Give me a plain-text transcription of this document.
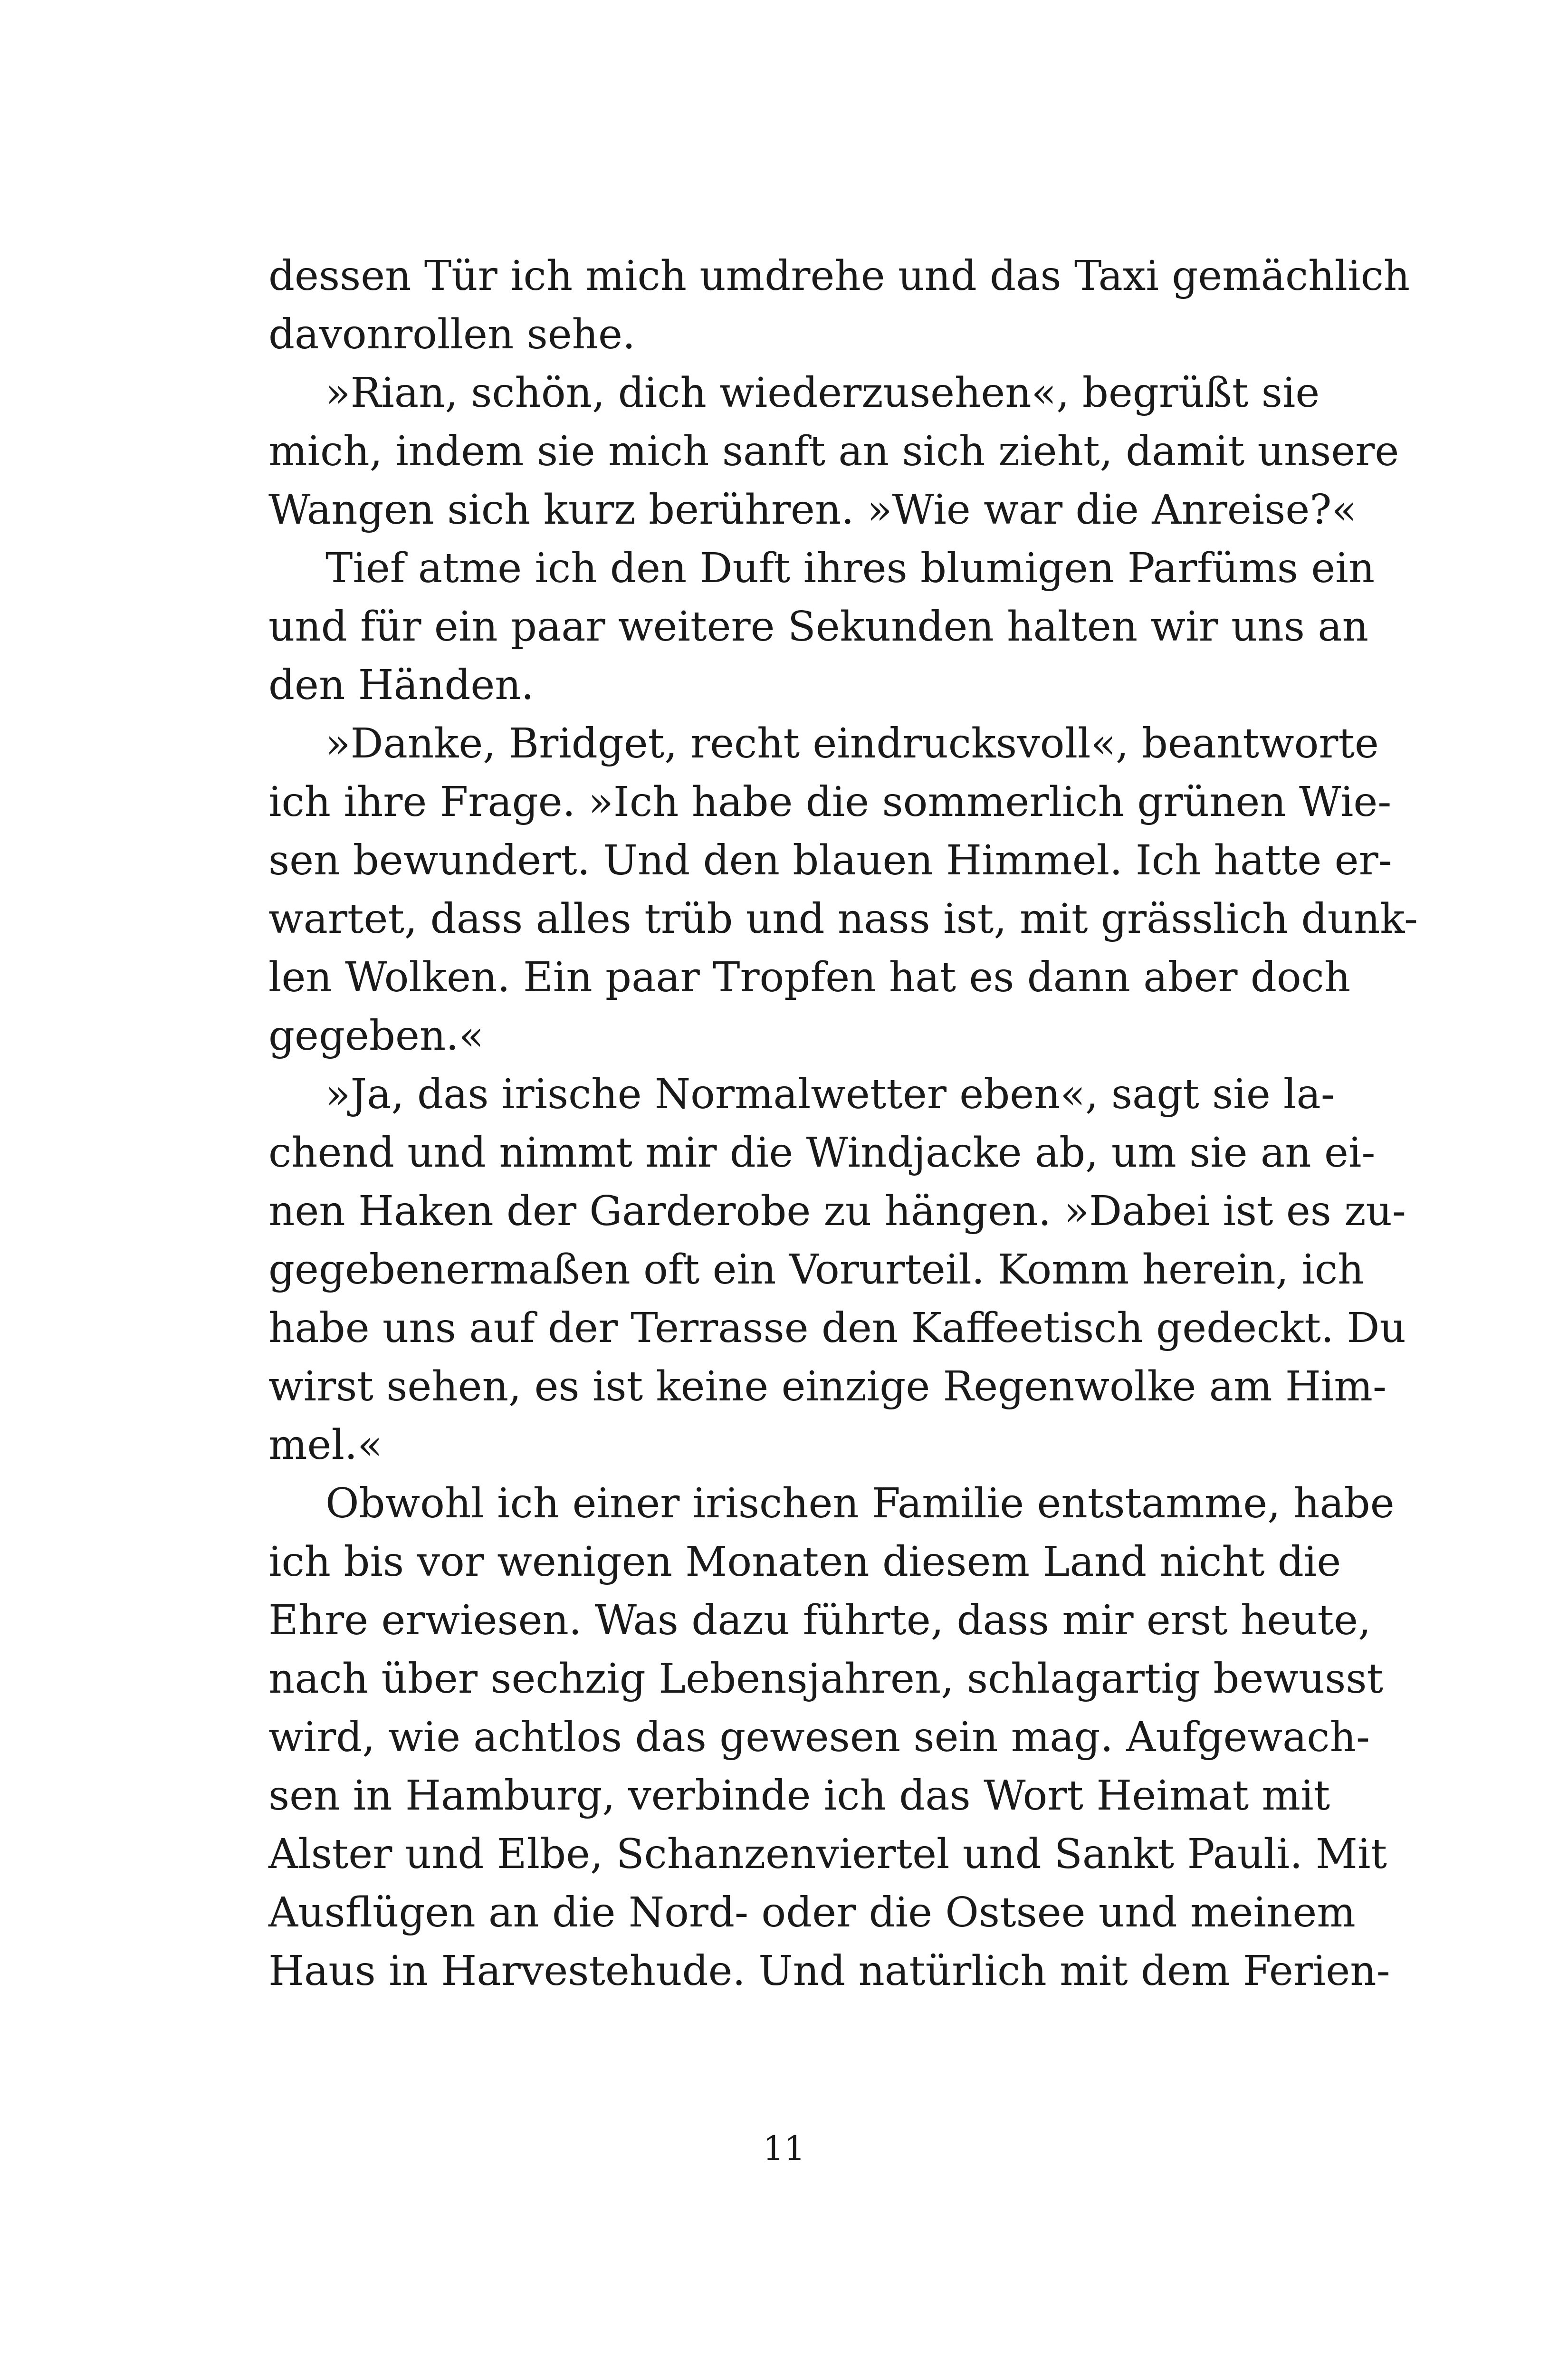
dessen Tür ich mich umdrehe und das Taxi gemächlich
davonrollen sehe.
»Rian, schön, dich wiederzusehen«, begrüßt sie
mich, indem sie mich sanft an sich zieht, damit unsere
Wangen sich kurz berühren. »Wie war die Anreise?«
Tief atme ich den Duft ihres blumigen Parfüms ein
und für ein paar weitere Sekunden halten wir uns an
den Händen.
»Danke, Bridget, recht eindrucksvoll«, beantworte
ich ihre Frage. »Ich habe die sommerlich grünen Wie-
sen bewundert. Und den blauen Himmel. Ich hatte er-
wartet, dass alles trüb und nass ist, mit grässlich dunk-
len Wolken. Ein paar Tropfen hat es dann aber doch
gegeben.«
»Ja, das irische Normalwetter eben«, sagt sie la-
chend und nimmt mir die Windjacke ab, um sie an ei-
nen Haken der Garderobe zu hängen. »Dabei ist es zu-
gegebenermaßen oft ein Vorurteil. Komm herein, ich
habe uns auf der Terrasse den Kaffeetisch gedeckt. Du
wirst sehen, es ist keine einzige Regenwolke am Him-
mel.«
Obwohl ich einer irischen Familie entstamme, habe
ich bis vor wenigen Monaten diesem Land nicht die
Ehre erwiesen. Was dazu führte, dass mir erst heute,
nach über sechzig Lebensjahren, schlagartig bewusst
wird, wie achtlos das gewesen sein mag. Aufgewach-
sen in Hamburg, verbinde ich das Wort Heimat mit
Alster und Elbe, Schanzenviertel und Sankt Pauli. Mit
Ausflügen an die Nord- oder die Ostsee und meinem
Haus in Harvestehude. Und natürlich mit dem Ferien-
11
